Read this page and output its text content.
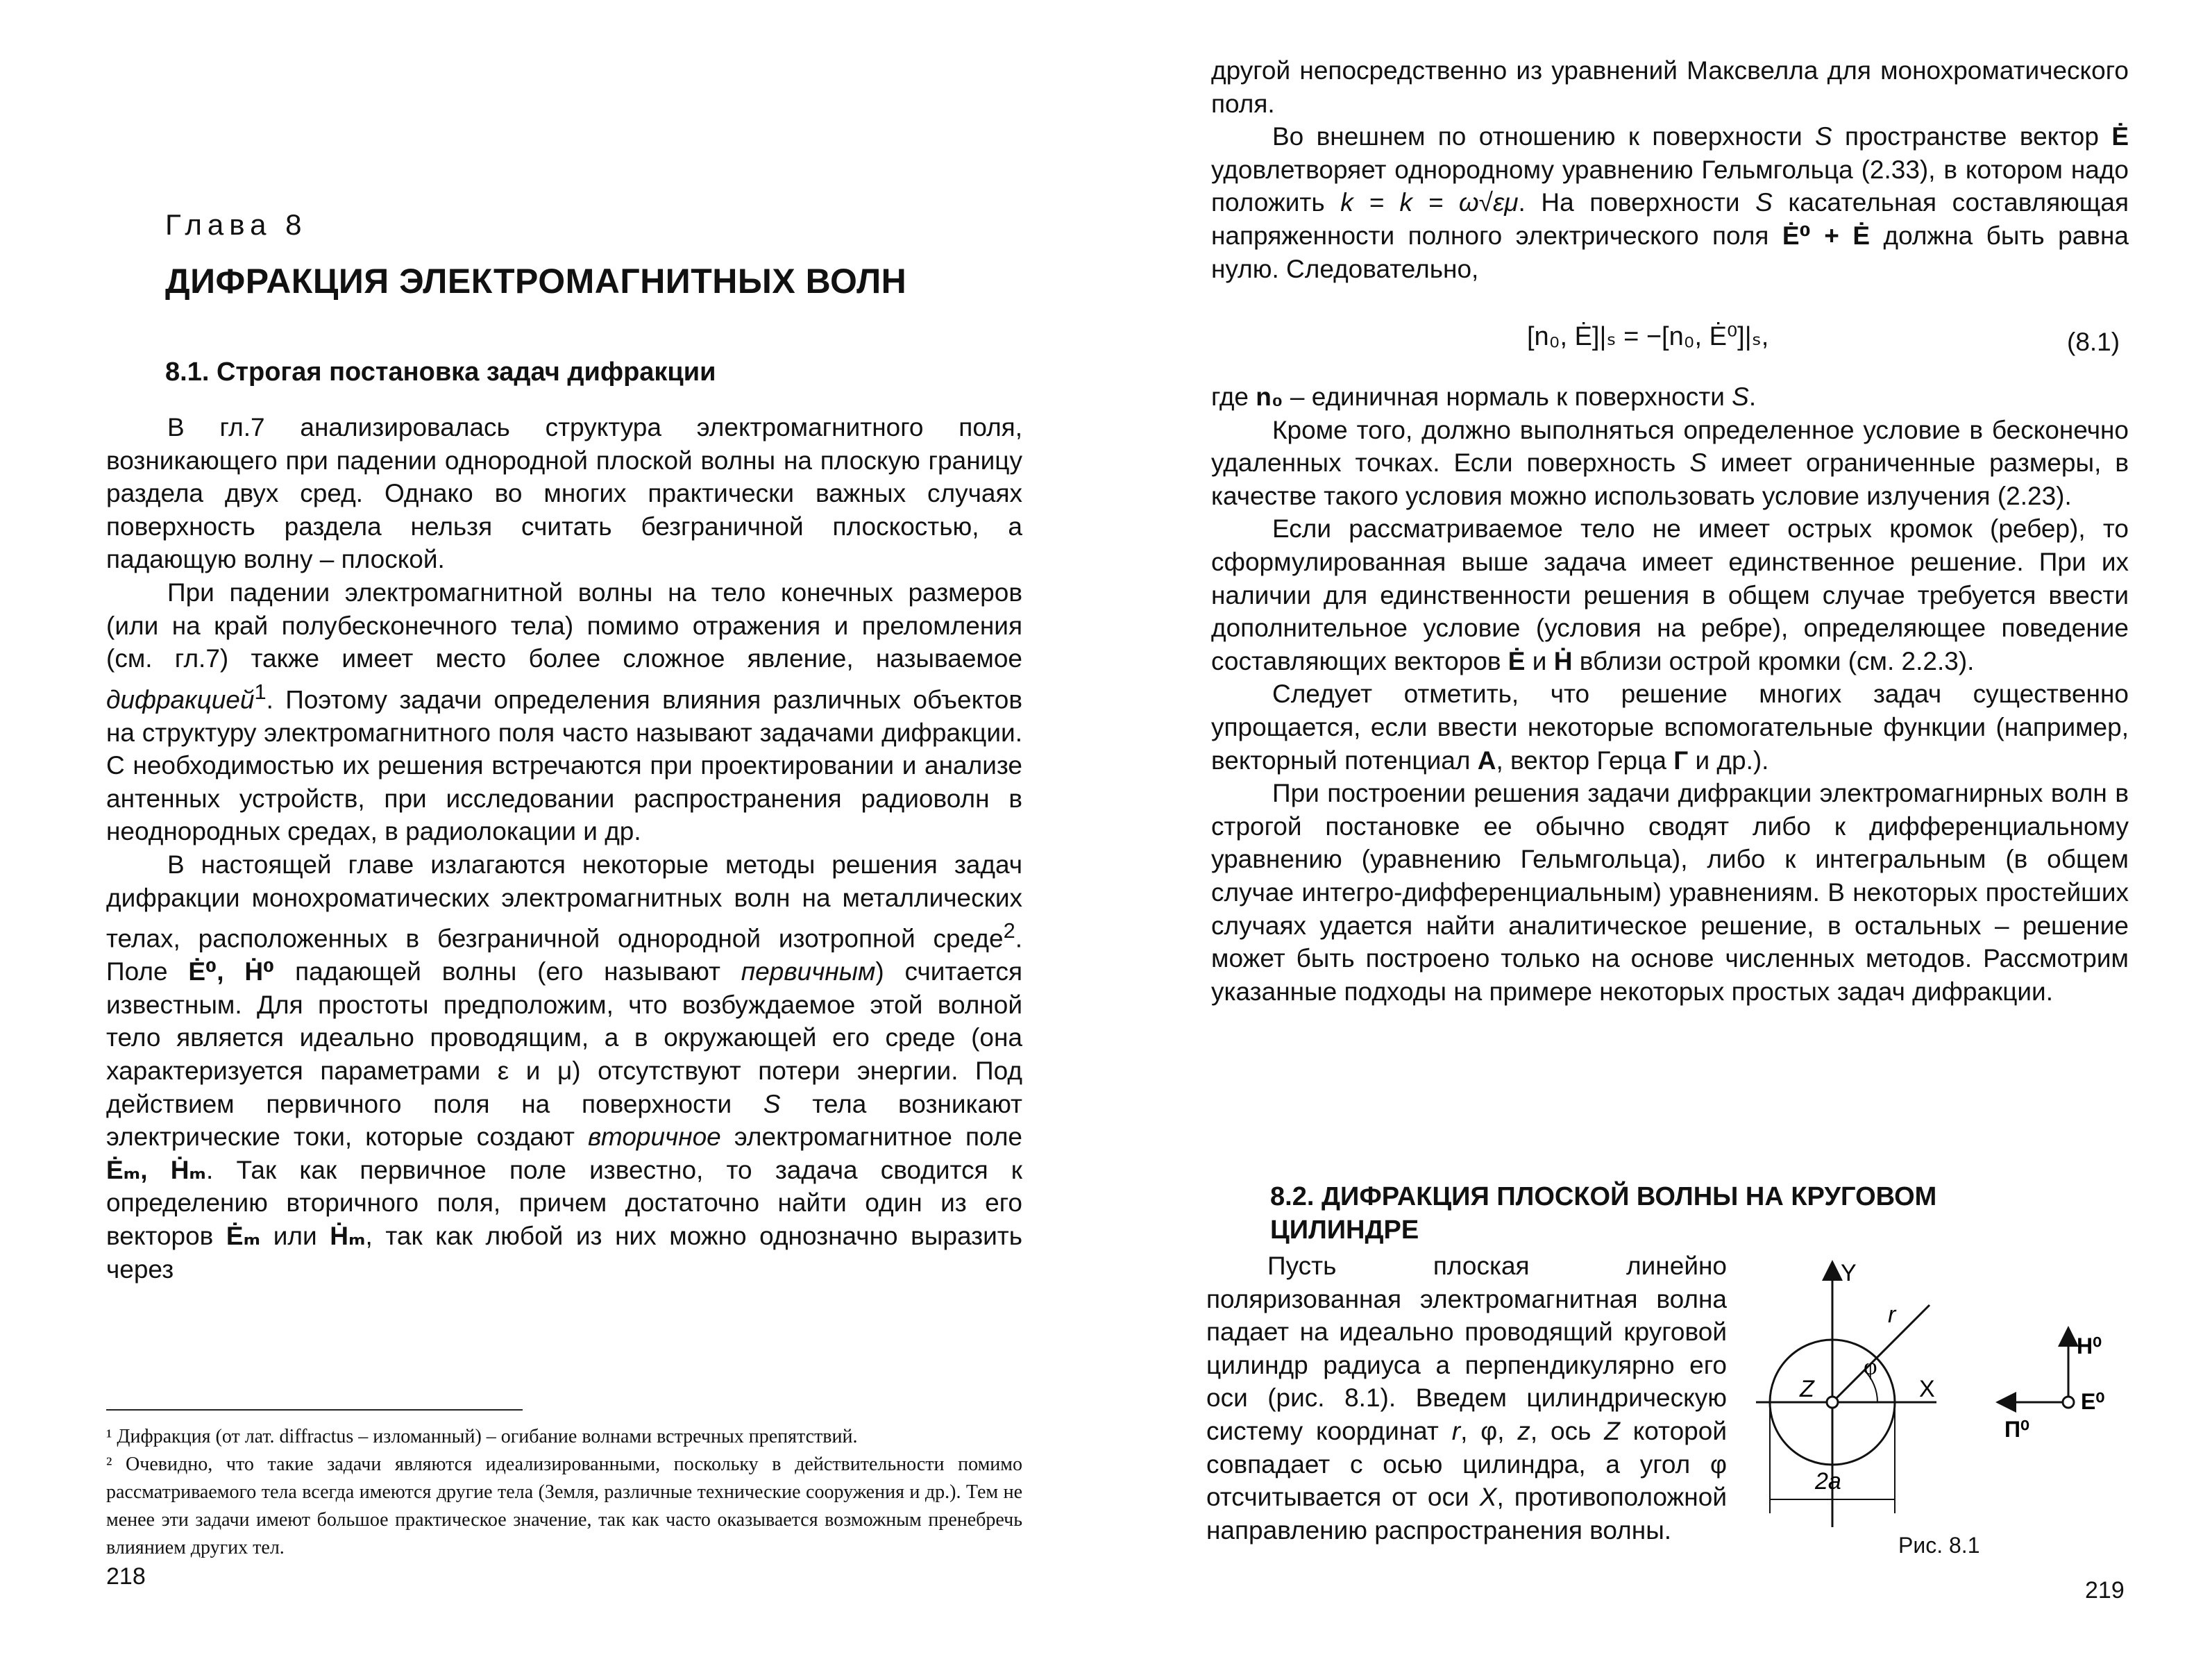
Глава 8
ДИФРАКЦИЯ ЭЛЕКТРОМАГНИТНЫХ ВОЛН
8.1. Строгая постановка задач дифракции

В гл.7 анализировалась структура электромагнитного поля, возникающего при падении однородной плоской волны на плоскую границу раздела двух сред. Однако во многих практически важных случаях поверхность раздела нельзя считать безграничной плоскостью, а падающую волну – плоской.

При падении электромагнитной волны на тело конечных размеров (или на край полубесконечного тела) помимо отражения и преломления (см. гл.7) также имеет место более сложное явление, называемое дифракцией$^1$. Поэтому задачи определения влияния различных объектов на структуру электромагнитного поля часто называют задачами дифракции. С необходимостью их решения встречаются при проектировании и анализе антенных устройств, при исследовании распространения радиоволн в неоднородных средах, в радиолокации и др.

В настоящей главе излагаются некоторые методы решения задач дифракции монохроматических электромагнитных волн на металлических телах, расположенных в безграничной однородной изотропной среде$^2$. Поле Ė⁰, Ḣ⁰ падающей волны (его называют первичным) считается известным. Для простоты предположим, что возбуждаемое этой волной тело является идеально проводящим, а в окружающей его среде (она характеризуется параметрами ε и μ) отсутствуют потери энергии. Под действием первичного поля на поверхности S тела возникают электрические токи, которые создают вторичное электромагнитное поле Ėₘ, Ḣₘ. Так как первичное поле известно, то задача сводится к определению вторичного поля, причем достаточно найти один из его векторов Ėₘ или Ḣₘ, так как любой из них можно однозначно выразить через

¹ Дифракция (от лат. diffractus – изломанный) – огибание волнами встречных препятствий.

² Очевидно, что такие задачи являются идеализированными, поскольку в действительности помимо рассматриваемого тела всегда имеются другие тела (Земля, различные технические сооружения и др.). Тем не менее эти задачи имеют большое практическое значение, так как часто оказывается возможным пренебречь влиянием других тел.

218

другой непосредственно из уравнений Максвелла для монохроматического поля.

Во внешнем по отношению к поверхности S пространстве вектор Ė удовлетворяет однородному уравнению Гельмгольца (2.33), в котором надо положить k = k = ω√εμ. На поверхности S касательная составляющая напряженности полного электрического поля Ė⁰ + Ė должна быть равна нулю. Следовательно,

[n₀, Ė]|ₛ = −[n₀, Ė⁰]|ₛ,	(8.1)

где n₀ – единичная нормаль к поверхности S.

Кроме того, должно выполняться определенное условие в бесконечно удаленных точках. Если поверхность S имеет ограниченные размеры, в качестве такого условия можно использовать условие излучения (2.23).

Если рассматриваемое тело не имеет острых кромок (ребер), то сформулированная выше задача имеет единственное решение. При их наличии для единственности решения в общем случае требуется ввести дополнительное условие (условия на ребре), определяющее поведение составляющих векторов Ė и Ḣ вблизи острой кромки (см. 2.2.3).

Следует отметить, что решение многих задач существенно упрощается, если ввести некоторые вспомогательные функции (например, векторный потенциал A, вектор Герца Г и др.).

При построении решения задачи дифракции электромагнирных волн в строгой постановке ее обычно сводят либо к дифференциальному уравнению (уравнению Гельмгольца), либо к интегральным (в общем случае интегро-дифференциальным) уравнениям. В некоторых простейших случаях удается найти аналитическое решение, в остальных – решение может быть построено только на основе численных методов. Рассмотрим указанные подходы на примере некоторых простых задач дифракции.

8.2. ДИФРАКЦИЯ ПЛОСКОЙ ВОЛНЫ НА КРУГОВОМ ЦИЛИНДРЕ

Пусть плоская линейно поляризованная электромагнитная волна падает на идеально проводящий круговой цилиндр радиуса a перпендикулярно его оси (рис. 8.1). Введем цилиндрическую систему координат r, φ, z, ось Z которой совпадает с осью цилиндра, а угол φ отсчитывается от оси X, противоположной направлению распространения волны.

Y
X
r
φ
Z
2a
H⁰
E⁰
П⁰
Рис. 8.1
219
